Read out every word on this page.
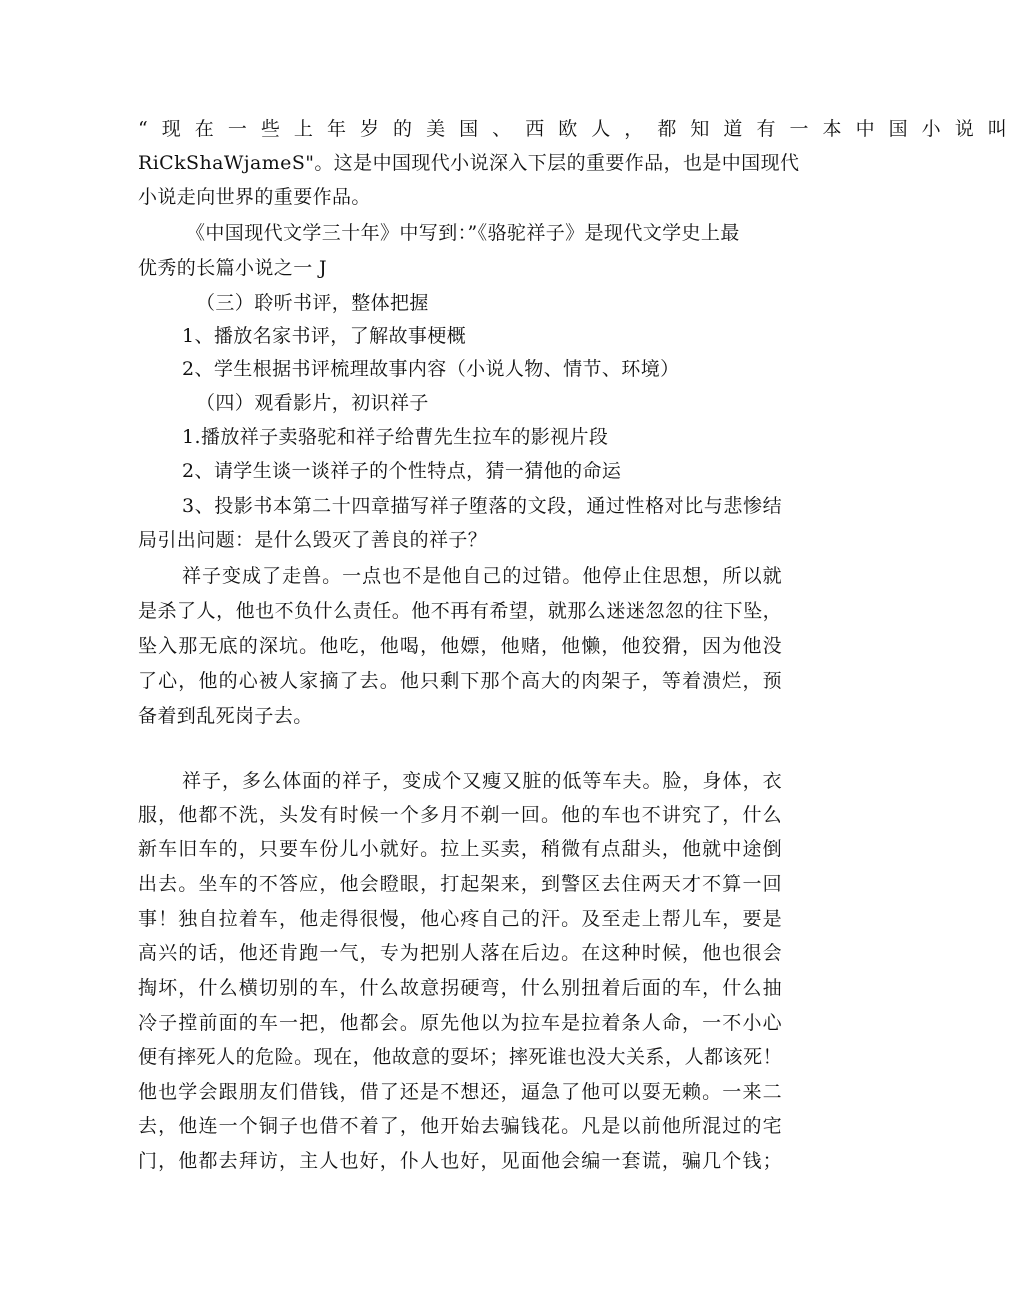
“ 现 在 一 些 上 年 岁 的 美 国 、 西 欧 人 ， 都 知 道 有 一 本 中 国 小 说 叫
RiCkShaWjameS"。这是中国现代小说深入下层的重要作品，也是中国现代
小说走向世界的重要作品。
《中国现代文学三十年》中写到：”《骆驼祥子》是现代文学史上最
优秀的长篇小说之一 J
（三）聆听书评，整体把握
1、播放名家书评，了解故事梗概
2、学生根据书评梳理故事内容（小说人物、情节、环境）
（四）观看影片，初识祥子
1.播放祥子卖骆驼和祥子给曹先生拉车的影视片段
2、请学生谈一谈祥子的个性特点，猜一猜他的命运
3、投影书本第二十四章描写祥子堕落的文段，通过性格对比与悲惨结
局引出问题：是什么毁灭了善良的祥子？
祥子变成了走兽。一点也不是他自己的过错。他停止住思想，所以就
是杀了人，他也不负什么责任。他不再有希望，就那么迷迷忽忽的往下坠，
坠入那无底的深坑。他吃，他喝，他嫖，他赌，他懒，他狡猾，因为他没
了心，他的心被人家摘了去。他只剩下那个高大的肉架子，等着溃烂，预
备着到乱死岗子去。
祥子，多么体面的祥子，变成个又瘦又脏的低等车夫。脸，身体，衣
服，他都不洗，头发有时候一个多月不剃一回。他的车也不讲究了，什么
新车旧车的，只要车份儿小就好。拉上买卖，稍微有点甜头，他就中途倒
出去。坐车的不答应，他会瞪眼，打起架来，到警区去住两天才不算一回
事！独自拉着车，他走得很慢，他心疼自己的汗。及至走上帮儿车，要是
高兴的话，他还肯跑一气，专为把别人落在后边。在这种时候，他也很会
掏坏，什么横切别的车，什么故意拐硬弯，什么别扭着后面的车，什么抽
冷子摚前面的车一把，他都会。原先他以为拉车是拉着条人命，一不小心
便有摔死人的危险。现在，他故意的耍坏；摔死谁也没大关系，人都该死！
他也学会跟朋友们借钱，借了还是不想还，逼急了他可以耍无赖。一来二
去，他连一个铜子也借不着了，他开始去骗钱花。凡是以前他所混过的宅
门，他都去拜访，主人也好，仆人也好，见面他会编一套谎，骗几个钱；
